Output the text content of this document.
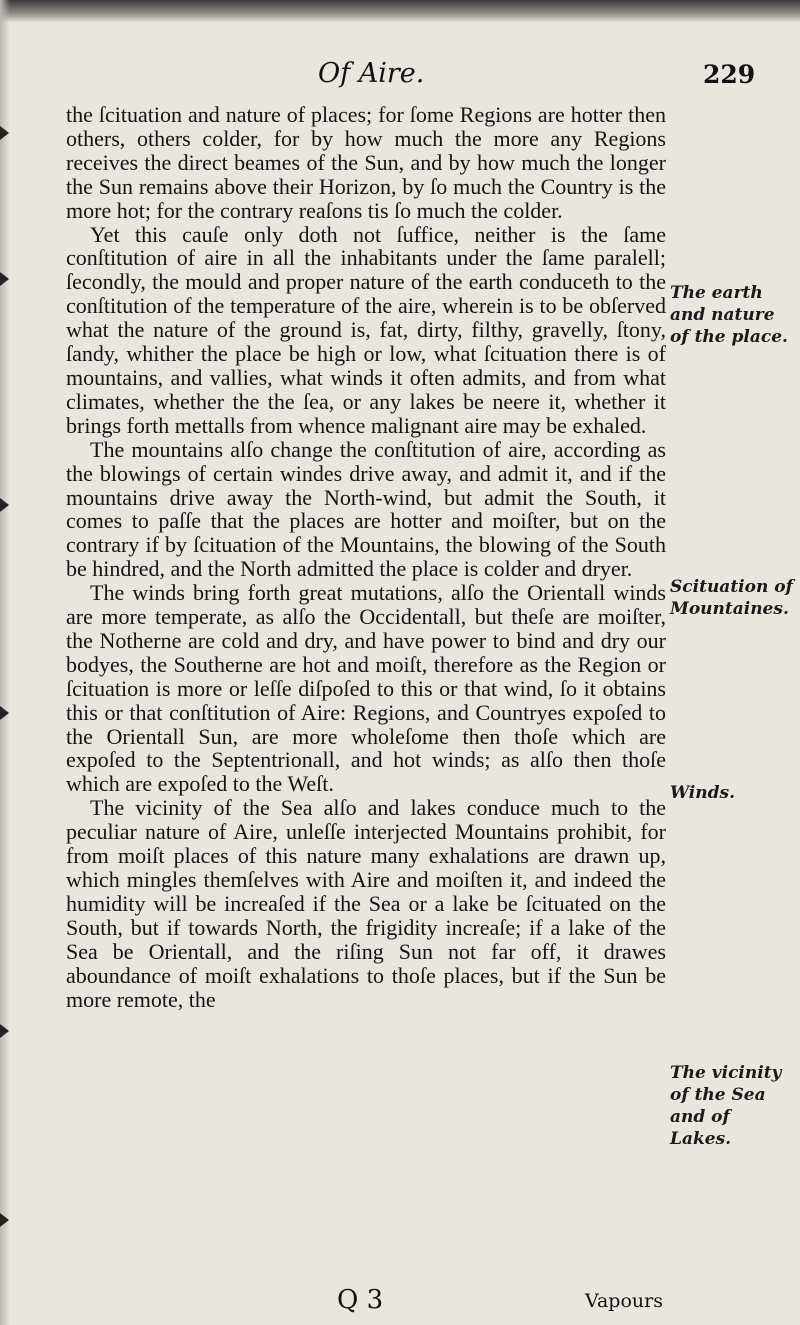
Of Aire.	229

the ſcituation and nature of places; for ſome Regions are hotter then others, others colder, for by how much the more any Regions receives the direct beames of the Sun, and by how much the longer the Sun remains above their Horizon, by ſo much the Country is the more hot; for the contrary reaſons tis ſo much the colder.

Yet this cauſe only doth not ſuffice, neither is the ſame conſtitution of aire in all the inhabitants under the ſame paralell; ſecondly, the mould and proper nature of the earth conduceth to the conſtitution of the temperature of the aire, wherein is to be obſerved what the nature of the ground is, fat, dirty, filthy, gravelly, ſtony, ſandy, whither the place be high or low, what ſcituation there is of mountains, and vallies, what winds it often admits, and from what climates, whether the the ſea, or any lakes be neere it, whether it brings forth mettalls from whence malignant aire may be exhaled.

The mountains alſo change the conſtitution of aire, according as the blowings of certain windes drive away, and admit it, and if the mountains drive away the North-wind, but admit the South, it comes to paſſe that the places are hotter and moiſter, but on the contrary if by ſcituation of the Mountains, the blowing of the South be hindred, and the North admitted the place is colder and dryer.

The winds bring forth great mutations, alſo the Orientall winds are more temperate, as alſo the Occidentall, but theſe are moiſter, the Notherne are cold and dry, and have power to bind and dry our bodyes, the Southerne are hot and moiſt, therefore as the Region or ſcituation is more or leſſe diſpoſed to this or that wind, ſo it obtains this or that conſtitution of Aire: Regions, and Countryes expoſed to the Orientall Sun, are more wholeſome then thoſe which are expoſed to the Septentrionall, and hot winds; as alſo then thoſe which are expoſed to the Weſt.

The vicinity of the Sea alſo and lakes conduce much to the peculiar nature of Aire, unleſſe interjected Mountains prohibit, for from moiſt places of this nature many exhalations are drawn up, which mingles themſelves with Aire and moiſten it, and indeed the humidity will be increaſed if the Sea or a lake be ſcituated on the South, but if towards North, the frigidity increaſe; if a lake of the Sea be Orientall, and the riſing Sun not far off, it drawes aboundance of moiſt exhalations to thoſe places, but if the Sun be more remote, the

The earth and nature of the place.
Scituation of Mountaines.
Winds.
The vicinity of the Sea and of Lakes.
Q 3	Vapours
